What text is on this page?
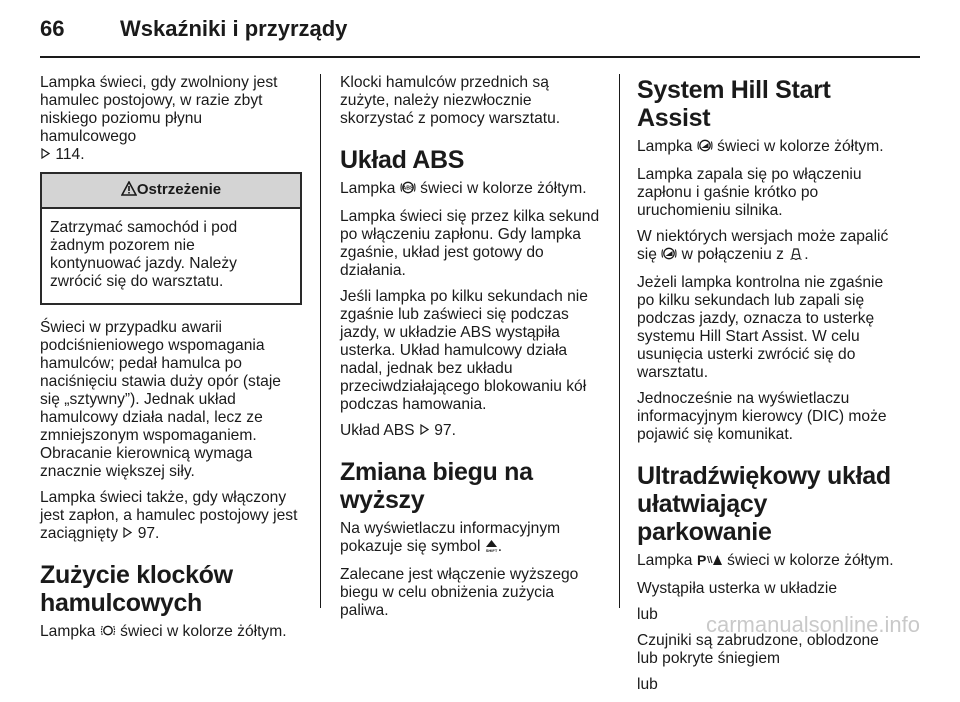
66	Wskaźniki i przyrządy

Lampka świeci, gdy zwolniony jest
hamulec postojowy, w razie zbyt
niskiego poziomu płynu
hamulcowego
114.

Ostrzeżenie

Zatrzymać samochód i pod
żadnym pozorem nie
kontynuować jazdy. Należy
zwrócić się do warsztatu.

Świeci w przypadku awarii
podciśnieniowego wspomagania
hamulców; pedał hamulca po
naciśnięciu stawia duży opór (staje
się „sztywny”). Jednak układ
hamulcowy działa nadal, lecz ze
zmniejszonym wspomaganiem.
Obracanie kierownicą wymaga
znacznie większej siły.

Lampka świeci także, gdy włączony
jest zapłon, a hamulec postojowy jest
zaciągnięty 97.

Zużycie klocków
hamulcowych

Lampka świeci w kolorze żółtym.

Klocki hamulców przednich są
zużyte, należy niezwłocznie
skorzystać z pomocy warsztatu.

Układ ABS

Lampka ABS świeci w kolorze żółtym.

Lampka świeci się przez kilka sekund
po włączeniu zapłonu. Gdy lampka
zgaśnie, układ jest gotowy do
działania.

Jeśli lampka po kilku sekundach nie
zgaśnie lub zaświeci się podczas
jazdy, w układzie ABS wystąpiła
usterka. Układ hamulcowy działa
nadal, jednak bez układu
przeciwdziałającego blokowaniu kół
podczas hamowania.

Układ ABS 97.

Zmiana biegu na wyższy

Na wyświetlaczu informacyjnym
pokazuje się symbol SHIFT .

Zalecane jest włączenie wyższego
biegu w celu obniżenia zużycia
paliwa.

System Hill Start Assist

Lampka świeci w kolorze żółtym.

Lampka zapala się po włączeniu
zapłonu i gaśnie krótko po
uruchomieniu silnika.

W niektórych wersjach może zapalić
się w połączeniu z .

Jeżeli lampka kontrolna nie zgaśnie
po kilku sekundach lub zapali się
podczas jazdy, oznacza to usterkę
systemu Hill Start Assist. W celu
usunięcia usterki zwrócić się do
warsztatu.

Jednocześnie na wyświetlaczu
informacyjnym kierowcy (DIC) może
pojawić się komunikat.

Ultradźwiękowy układ
ułatwiający parkowanie

Lampka P świeci w kolorze żółtym.

Wystąpiła usterka w układzie

lub

Czujniki są zabrudzone, oblodzone
lub pokryte śniegiem

lub

carmanualsonline.info
